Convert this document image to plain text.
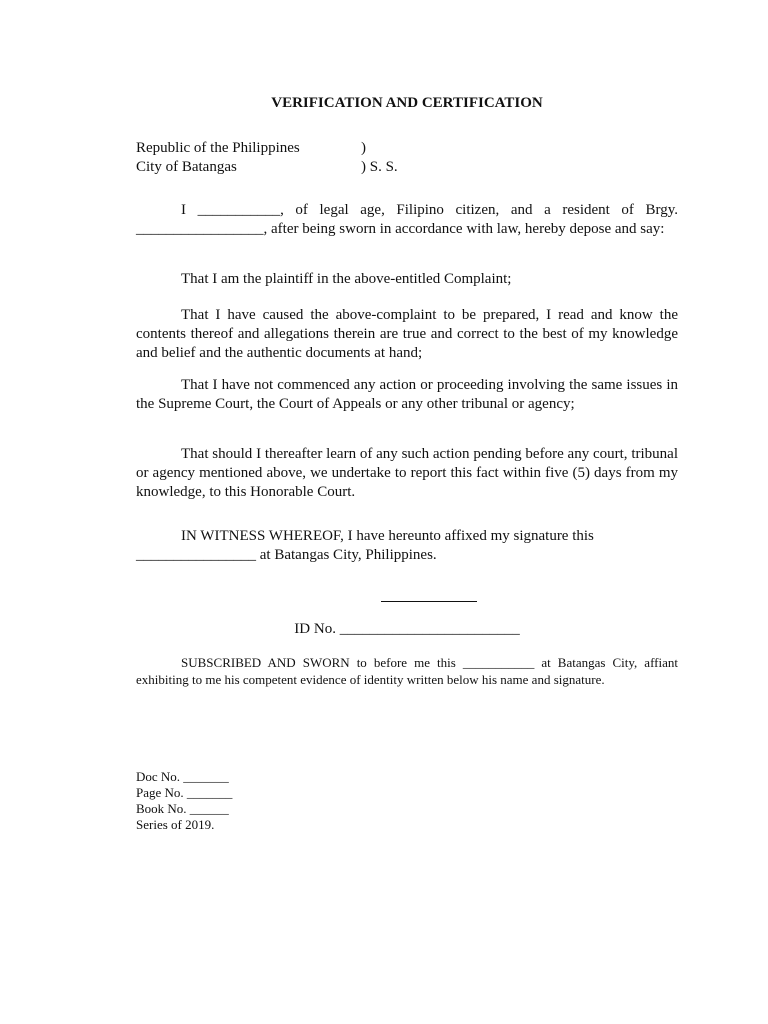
VERIFICATION AND CERTIFICATION
Republic of the Philippines	)
City of Batangas	) S. S.

I ___________, of legal age, Filipino citizen, and a resident of Brgy. _________________, after being sworn in accordance with law, hereby depose and say:

That I am the plaintiff in the above-entitled Complaint;

That I have caused the above-complaint to be prepared, I read and know the contents thereof and allegations therein are true and correct to the best of my knowledge and belief and the authentic documents at hand;

That I have not commenced any action or proceeding involving the same issues in the Supreme Court, the Court of Appeals or any other tribunal or agency;

That should I thereafter learn of any such action pending before any court, tribunal or agency mentioned above, we undertake to report this fact within five (5) days from my knowledge, to this Honorable Court.

IN WITNESS WHEREOF, I have hereunto affixed my signature this ________________ at Batangas City, Philippines.

ID No. ________________________

SUBSCRIBED AND SWORN to before me this ___________ at Batangas City, affiant exhibiting to me his competent evidence of identity written below his name and signature.

Doc No. _______
Page No. _______
Book No. ______
Series of 2019.
